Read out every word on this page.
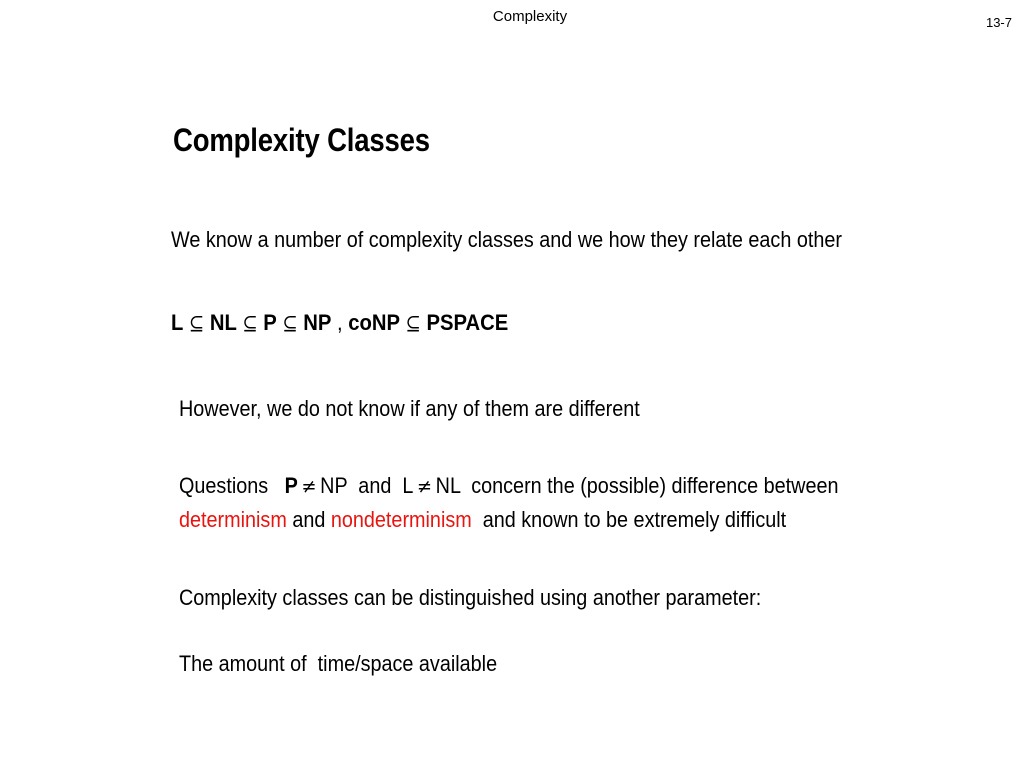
Complexity	13-7
Complexity Classes
We know a number of complexity classes and we how they relate each other
L ⊆ NL ⊆ P ⊆ NP , coNP ⊆ PSPACE
However, we do not know if any of them are different
Questions   P ≠ NP  and  L ≠ NL  concern the (possible) difference between
determinism and nondeterminism  and known to be extremely difficult
Complexity classes can be distinguished using another parameter:
The amount of  time/space available
